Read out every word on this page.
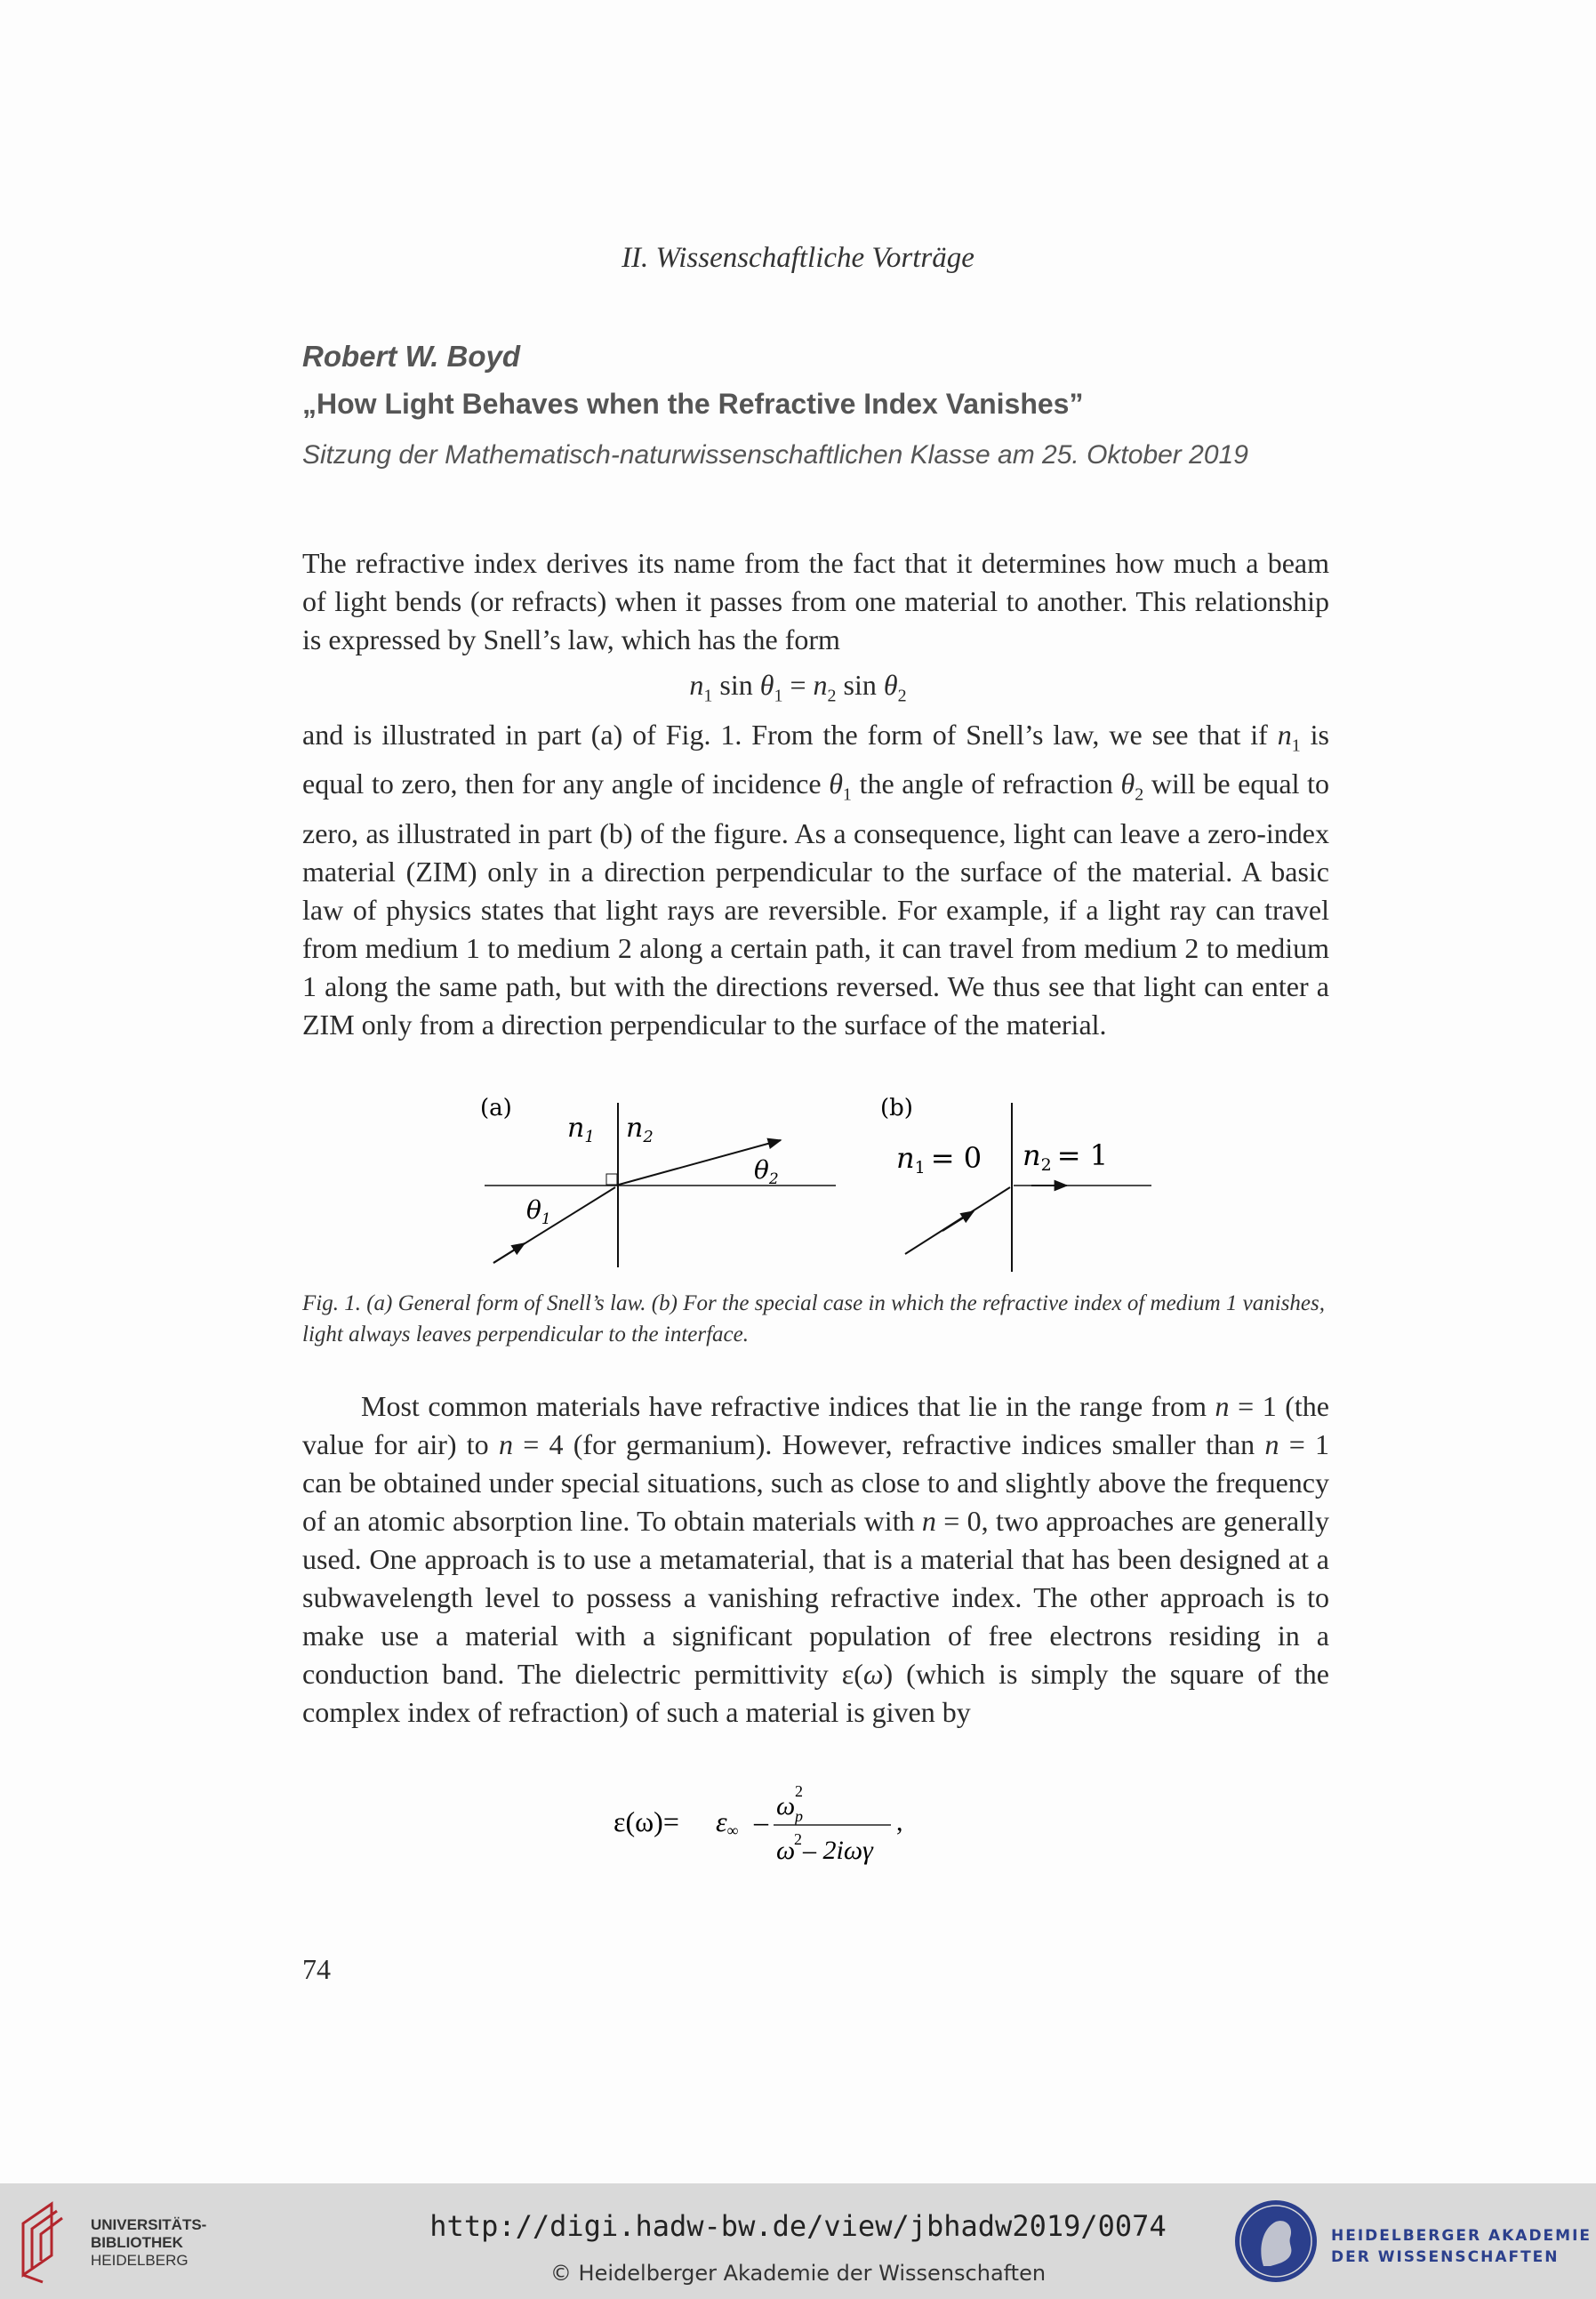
II. Wissenschaftliche Vorträge
Robert W. Boyd
„How Light Behaves when the Refractive Index Vanishes”
Sitzung der Mathematisch-naturwissenschaftlichen Klasse am 25. Oktober 2019
The refractive index derives its name from the fact that it determines how much a beam of light bends (or refracts) when it passes from one material to another. This relationship is expressed by Snell’s law, which has the form
$n_1$ $\sin \theta_1 = n_2$ $\sin \theta_2$
and is illustrated in part (a) of Fig. 1. From the form of Snell’s law, we see that if $n_1$ is equal to zero, then for any angle of incidence $\theta_1$ the angle of refraction $\theta_2$ will be equal to zero, as illustrated in part (b) of the figure. As a consequence, light can leave a zero-index material (ZIM) only in a direction perpendicular to the surface of the material. A basic law of physics states that light rays are reversible. For example, if a light ray can travel from medium 1 to medium 2 along a certain path, it can travel from medium 2 to medium 1 along the same path, but with the directions reversed. We thus see that light can enter a ZIM only from a direction perpendicular to the surface of the material.
(a)
$n_1$ $n_2$
$\theta_1$
$\theta_2$
(b)
n1 = 0 n2 = 1
Fig. 1. (a) General form of Snell’s law. (b) For the special case in which the refractive index of medium 1 vanishes, light always leaves perpendicular to the interface.
Most common materials have refractive indices that lie in the range from n = 1 (the value for air) to n = 4 (for germanium). However, refractive indices smaller than n = 1 can be obtained under special situations, such as close to and slightly above the frequency of an atomic absorption line. To obtain materials with n = 0, two approaches are generally used. One approach is to use a metamaterial, that is a material that has been designed at a subwavelength level to possess a vanishing refractive index. The other approach is to make use a material with a significant population of free electrons residing in a conduction band. The dielectric permittivity ε(ω) (which is simply the square of the complex index of refraction) of such a material is given by
ε(ω)= ε∞ – ω 2
p
ω
2 – 2iωγ
,
74
UNIVERSITÄTS-
BIBLIOTHEK
HEIDELBERG
http://digi.hadw-bw.de/view/jbhadw2019/0074
© Heidelberger Akademie der Wissenschaften
HEIDELBERGER AKADEMIE
DER WISSENSCHAFTEN
